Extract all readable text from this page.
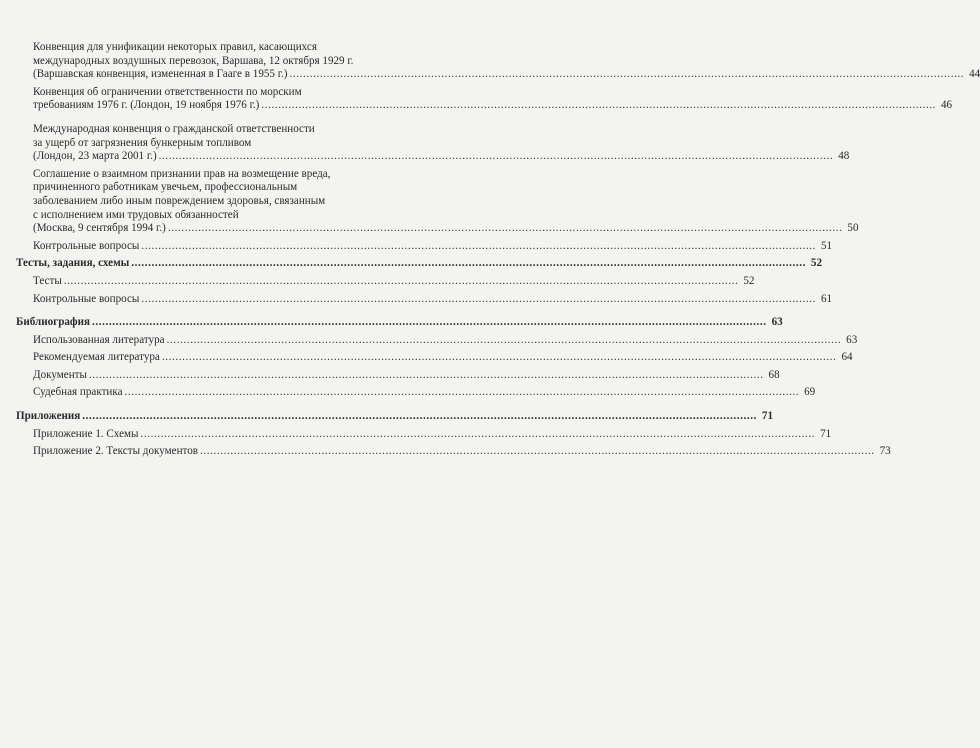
Конвенция для унификации некоторых правил, касающихся
международных воздушных перевозок, Варшава, 12 октября 1929 г.
(Варшавская конвенция, измененная в Гааге в 1955 г.) ........................................................................................................................................................................................................ 44
Конвенция об ограничении ответственности по морским
требованиям 1976 г. (Лондон, 19 ноября 1976 г.) ........................................................................................................................................................................................................ 46
Международная конвенция о гражданской ответственности
за ущерб от загрязнения бункерным топливом
(Лондон, 23 марта 2001 г.) ........................................................................................................................................................................................................ 48
Соглашение о взаимном признании прав на возмещение вреда,
причиненного работникам увечьем, профессиональным
заболеванием либо иным повреждением здоровья, связанным
с исполнением ими трудовых обязанностей
(Москва, 9 сентября 1994 г.) ........................................................................................................................................................................................................ 50
Контрольные вопросы ........................................................................................................................................................................................................ 51
Тесты, задания, схемы ........................................................................................................................................................................................................ 52
Тесты ........................................................................................................................................................................................................ 52
Контрольные вопросы ........................................................................................................................................................................................................ 61
Библиография ........................................................................................................................................................................................................ 63
Использованная литература ........................................................................................................................................................................................................ 63
Рекомендуемая литература ........................................................................................................................................................................................................ 64
Документы ........................................................................................................................................................................................................ 68
Судебная практика ........................................................................................................................................................................................................ 69
Приложения ........................................................................................................................................................................................................ 71
Приложение 1. Схемы ........................................................................................................................................................................................................ 71
Приложение 2. Тексты документов ........................................................................................................................................................................................................ 73
